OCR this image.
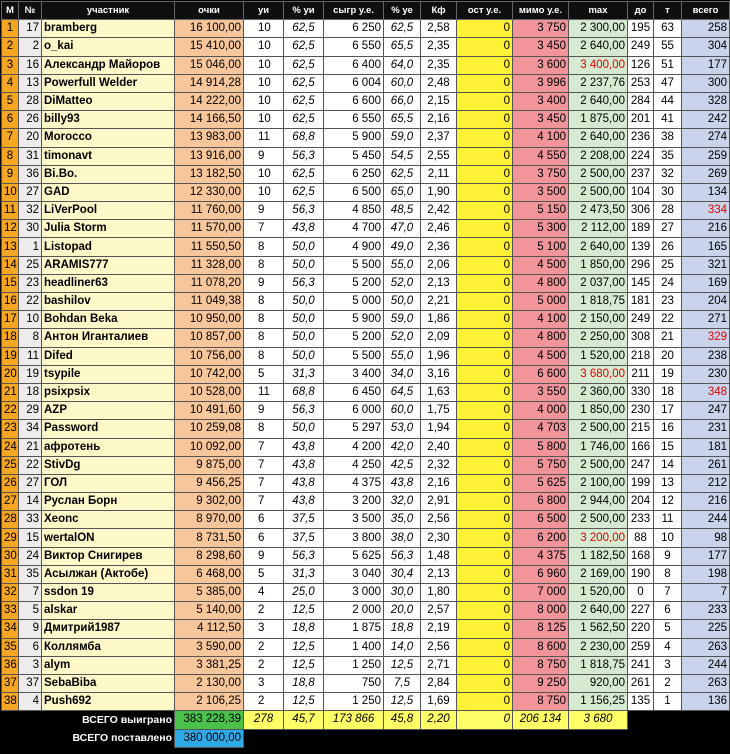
М	№	участник	очки	уи	% уи	сыгр у.е.	% уе	Кф	ост у.е.	мимо у.е.	max	до	т	всего
1	17	bramberg	16 100,00	10	62,5	6 250	62,5	2,58	0	3 750	2 300,00	195	63	258
2	2	o_kai	15 410,00	10	62,5	6 550	65,5	2,35	0	3 450	2 640,00	249	55	304
3	16	Александр Майоров	15 046,00	10	62,5	6 400	64,0	2,35	0	3 600	3 400,00	126	51	177
4	13	Powerfull Welder	14 914,28	10	62,5	6 004	60,0	2,48	0	3 996	2 237,76	253	47	300
5	28	DiMatteo	14 222,00	10	62,5	6 600	66,0	2,15	0	3 400	2 640,00	284	44	328
6	26	billy93	14 166,50	10	62,5	6 550	65,5	2,16	0	3 450	1 875,00	201	41	242
7	20	Morocco	13 983,00	11	68,8	5 900	59,0	2,37	0	4 100	2 640,00	236	38	274
8	31	timonavt	13 916,00	9	56,3	5 450	54,5	2,55	0	4 550	2 208,00	224	35	259
9	36	Bi.Bo.	13 182,50	10	62,5	6 250	62,5	2,11	0	3 750	2 500,00	237	32	269
10	27	GAD	12 330,00	10	62,5	6 500	65,0	1,90	0	3 500	2 500,00	104	30	134
11	32	LiVerPool	11 760,00	9	56,3	4 850	48,5	2,42	0	5 150	2 473,50	306	28	334
12	30	Julia Storm	11 570,00	7	43,8	4 700	47,0	2,46	0	5 300	2 112,00	189	27	216
13	1	Listopad	11 550,50	8	50,0	4 900	49,0	2,36	0	5 100	2 640,00	139	26	165
14	25	ARAMIS777	11 328,00	8	50,0	5 500	55,0	2,06	0	4 500	1 850,00	296	25	321
15	23	headliner63	11 078,20	9	56,3	5 200	52,0	2,13	0	4 800	2 037,00	145	24	169
16	22	bashilov	11 049,38	8	50,0	5 000	50,0	2,21	0	5 000	1 818,75	181	23	204
17	10	Bohdan Beka	10 950,00	8	50,0	5 900	59,0	1,86	0	4 100	2 150,00	249	22	271
18	8	Антон Иганталиев	10 857,00	8	50,0	5 200	52,0	2,09	0	4 800	2 250,00	308	21	329
19	11	Difed	10 756,00	8	50,0	5 500	55,0	1,96	0	4 500	1 520,00	218	20	238
20	19	tsypile	10 742,00	5	31,3	3 400	34,0	3,16	0	6 600	3 680,00	211	19	230
21	18	psixpsix	10 528,00	11	68,8	6 450	64,5	1,63	0	3 550	2 360,00	330	18	348
22	29	AZP	10 491,60	9	56,3	6 000	60,0	1,75	0	4 000	1 850,00	230	17	247
23	34	Password	10 259,08	8	50,0	5 297	53,0	1,94	0	4 703	2 500,00	215	16	231
24	21	афротень	10 092,00	7	43,8	4 200	42,0	2,40	0	5 800	1 746,00	166	15	181
25	22	StivDg	9 875,00	7	43,8	4 250	42,5	2,32	0	5 750	2 500,00	247	14	261
26	27	ГОЛ	9 456,25	7	43,8	4 375	43,8	2,16	0	5 625	2 100,00	199	13	212
27	14	Руслан Борн	9 302,00	7	43,8	3 200	32,0	2,91	0	6 800	2 944,00	204	12	216
28	33	Xeonc	8 970,00	6	37,5	3 500	35,0	2,56	0	6 500	2 500,00	233	11	244
29	15	wertalON	8 731,50	6	37,5	3 800	38,0	2,30	0	6 200	3 200,00	88	10	98
30	24	Виктор Снигирев	8 298,60	9	56,3	5 625	56,3	1,48	0	4 375	1 182,50	168	9	177
31	35	Асылжан (Актобе)	6 468,00	5	31,3	3 040	30,4	2,13	0	6 960	2 169,00	190	8	198
32	7	ssdon 19	5 385,00	4	25,0	3 000	30,0	1,80	0	7 000	1 520,00	0	7	7
33	5	alskar	5 140,00	2	12,5	2 000	20,0	2,57	0	8 000	2 640,00	227	6	233
34	9	Дмитрий1987	4 112,50	3	18,8	1 875	18,8	2,19	0	8 125	1 562,50	220	5	225
35	6	Коллямба	3 590,00	2	12,5	1 400	14,0	2,56	0	8 600	2 230,00	259	4	263
36	3	alym	3 381,25	2	12,5	1 250	12,5	2,71	0	8 750	1 818,75	241	3	244
37	37	SebaBiba	2 130,00	3	18,8	750	7,5	2,84	0	9 250	920,00	261	2	263
38	4	Push692	2 106,25	2	12,5	1 250	12,5	1,69	0	8 750	1 156,25	135	1	136
ВСЕГО выиграно			383 228,39	278	45,7	173 866	45,8	2,20	0	206 134	3 680			
ВСЕГО поставлено			380 000,00											
